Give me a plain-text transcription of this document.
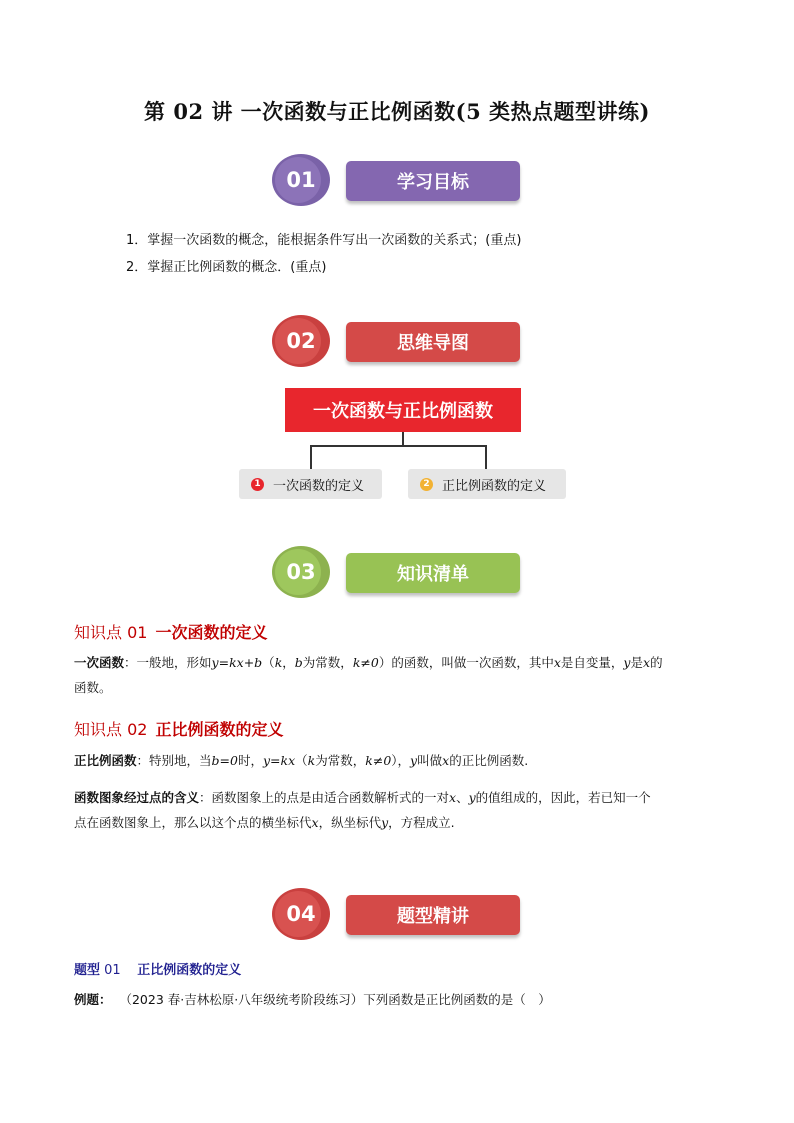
第 02 讲 一次函数与正比例函数(5 类热点题型讲练)
01	学习目标
1．掌握一次函数的概念，能根据条件写出一次函数的关系式；(重点)
2．掌握正比例函数的概念．(重点)
02	思维导图
一次函数与正比例函数
1 一次函数的定义	2 正比例函数的定义
03	知识清单
知识点 01 一次函数的定义
一次函数：一般地，形如y=kx+b（k，b为常数，k≠0）的函数，叫做一次函数，其中x是自变量，y是x的
函数。
知识点 02 正比例函数的定义
正比例函数：特别地，当b=0时，y=kx（k为常数，k≠0），y叫做x的正比例函数.
函数图象经过点的含义：函数图象上的点是由适合函数解析式的一对x、y的值组成的，因此，若已知一个
点在函数图象上，那么以这个点的横坐标代x，纵坐标代y，方程成立.
04	题型精讲
题型 01 正比例函数的定义
例题： （2023 春·吉林松原·八年级统考阶段练习）下列函数是正比例函数的是（　）
